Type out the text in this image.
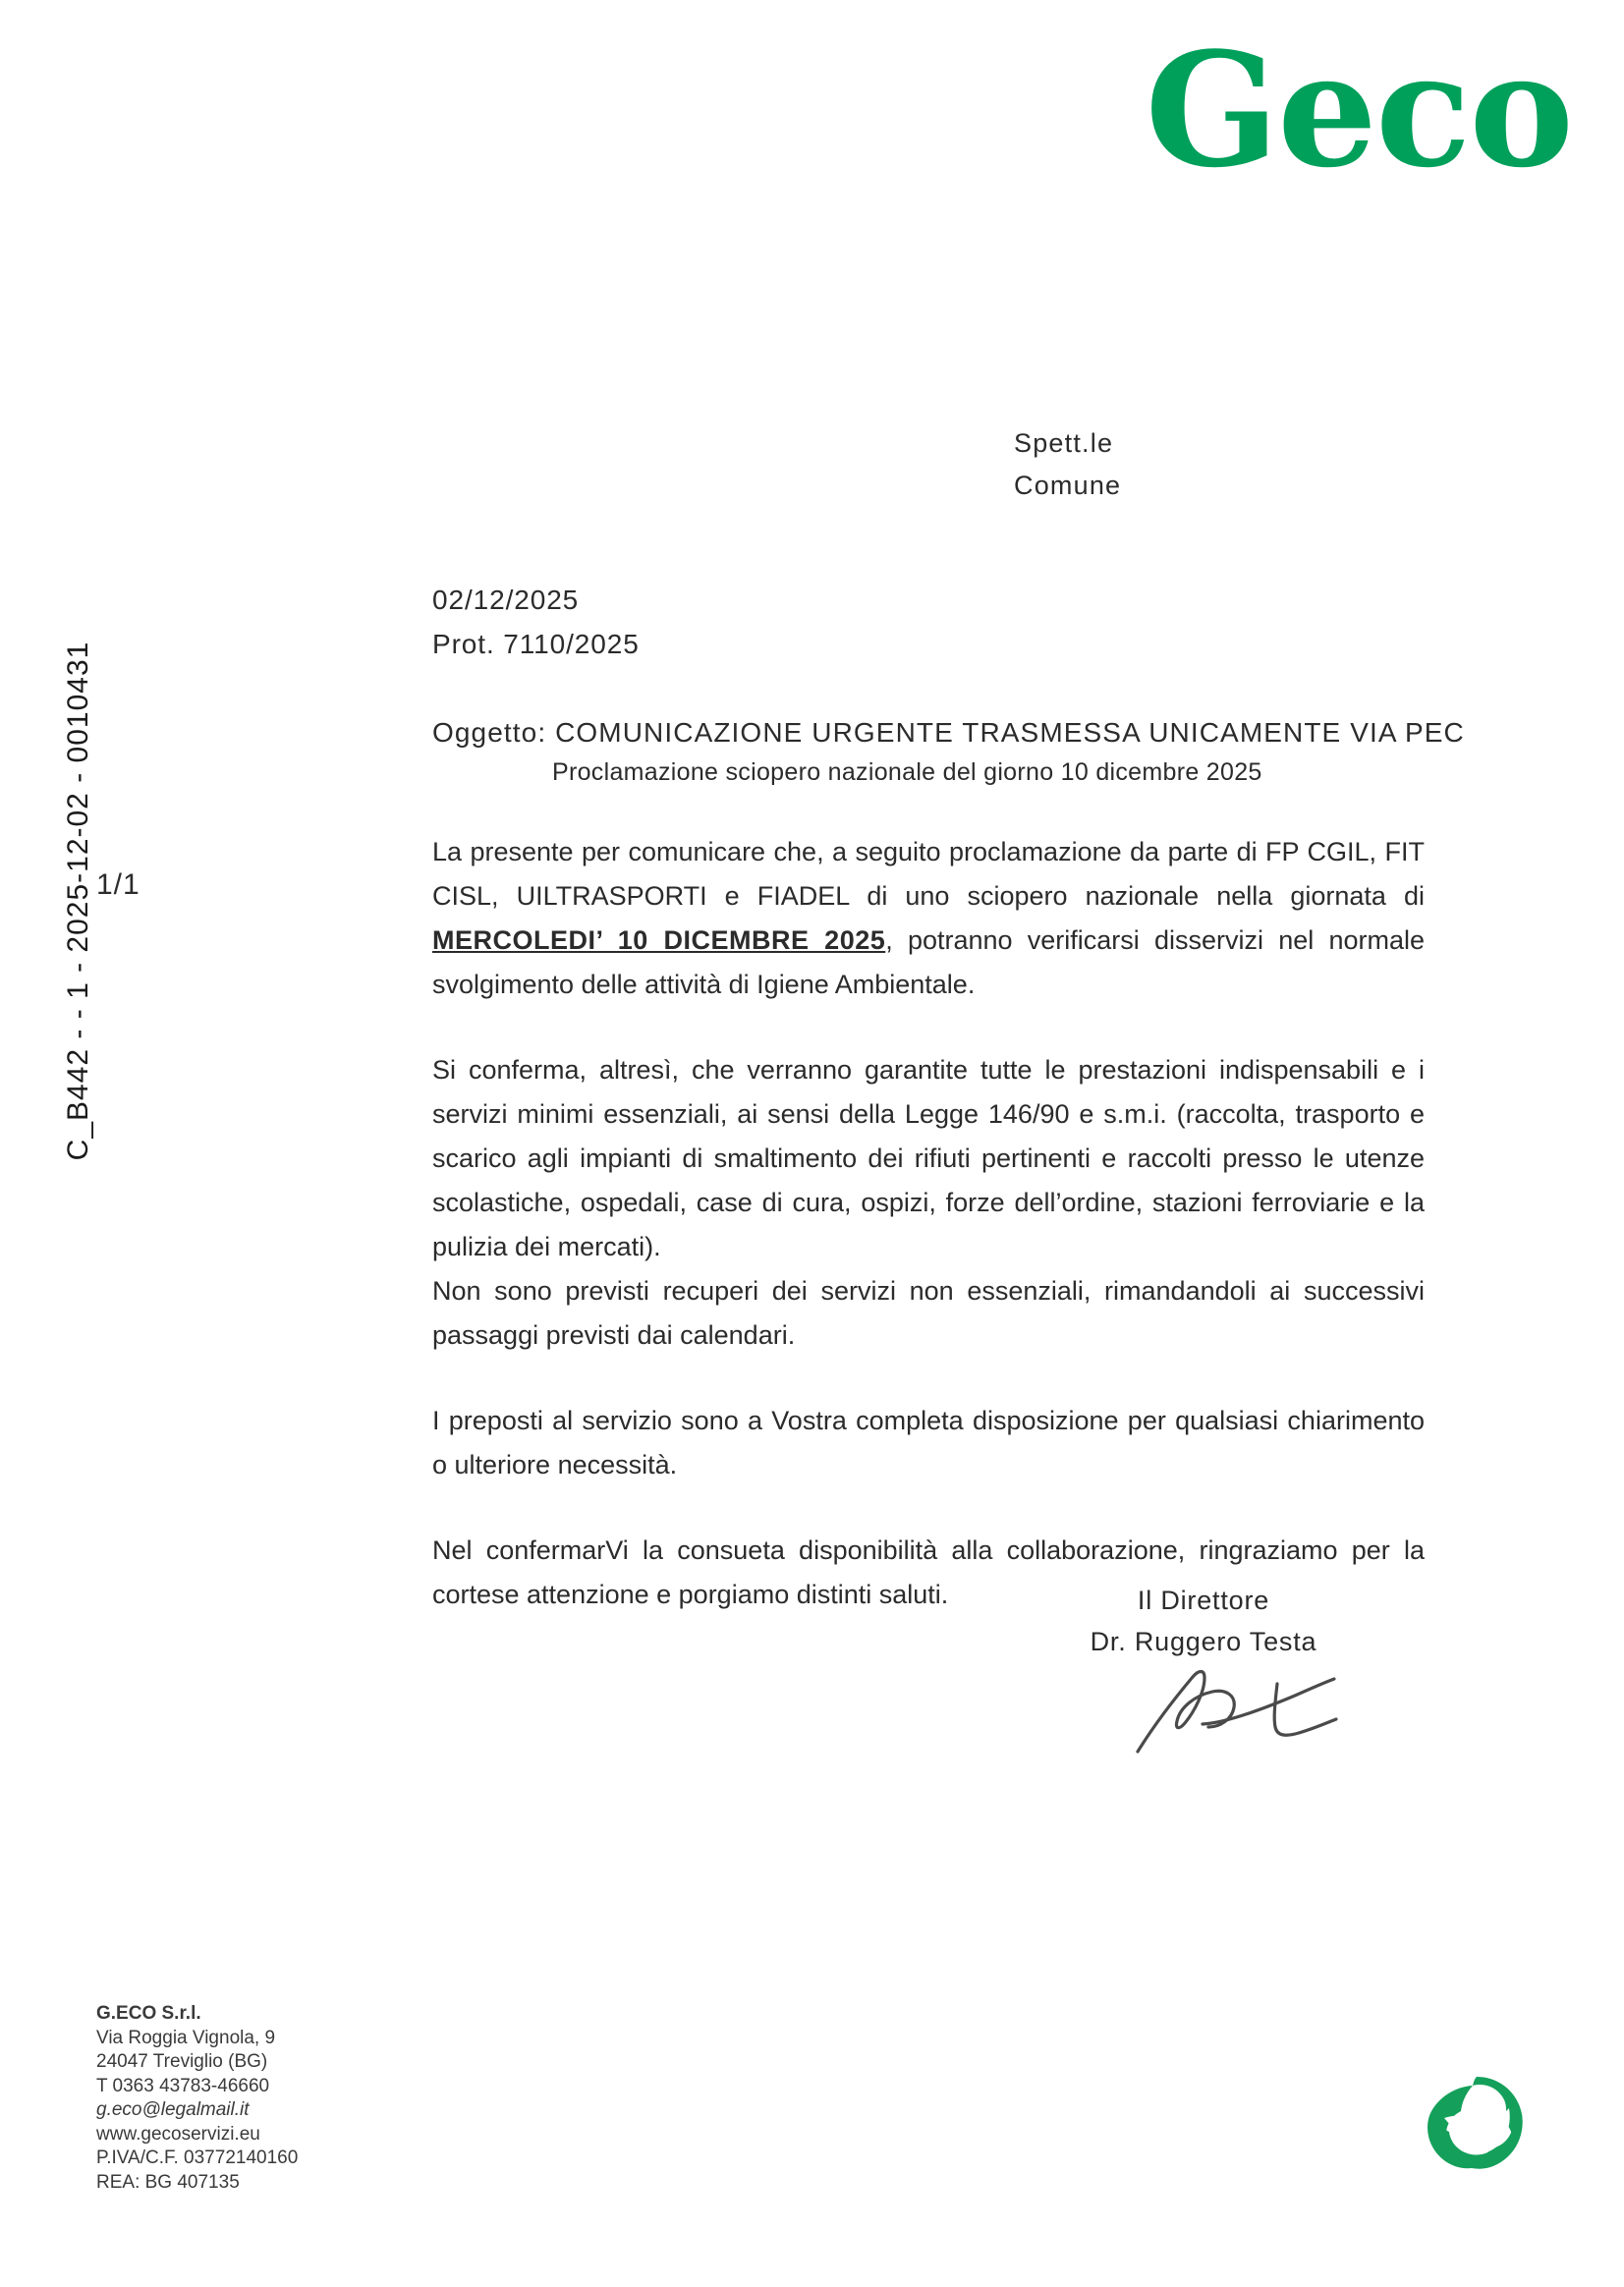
Geco
C_B442 - - 1 - 2025-12-02 - 0010431 1/1
Spett.le
Comune
02/12/2025
Prot. 7110/2025
Oggetto: COMUNICAZIONE URGENTE TRASMESSA UNICAMENTE VIA PEC
Proclamazione sciopero nazionale del giorno 10 dicembre 2025

La presente per comunicare che, a seguito proclamazione da parte di FP CGIL, FIT CISL, UILTRASPORTI e FIADEL di uno sciopero nazionale nella giornata di MERCOLEDI’ 10 DICEMBRE 2025, potranno verificarsi disservizi nel normale svolgimento delle attività di Igiene Ambientale.

Si conferma, altresì, che verranno garantite tutte le prestazioni indispensabili e i servizi minimi essenziali, ai sensi della Legge 146/90 e s.m.i. (raccolta, trasporto e scarico agli impianti di smaltimento dei rifiuti pertinenti e raccolti presso le utenze scolastiche, ospedali, case di cura, ospizi, forze dell’ordine, stazioni ferroviarie e la pulizia dei mercati).

Non sono previsti recuperi dei servizi non essenziali, rimandandoli ai successivi passaggi previsti dai calendari.

I preposti al servizio sono a Vostra completa disposizione per qualsiasi chiarimento o ulteriore necessità.

Nel confermarVi la consueta disponibilità alla collaborazione, ringraziamo per la cortese attenzione e porgiamo distinti saluti.	Il Direttore
Dr. Ruggero Testa
G.ECO S.r.l.
Via Roggia Vignola, 9
24047 Treviglio (BG)
T 0363 43783-46660
g.eco@legalmail.it
www.gecoservizi.eu
P.IVA/C.F. 03772140160
REA: BG 407135
